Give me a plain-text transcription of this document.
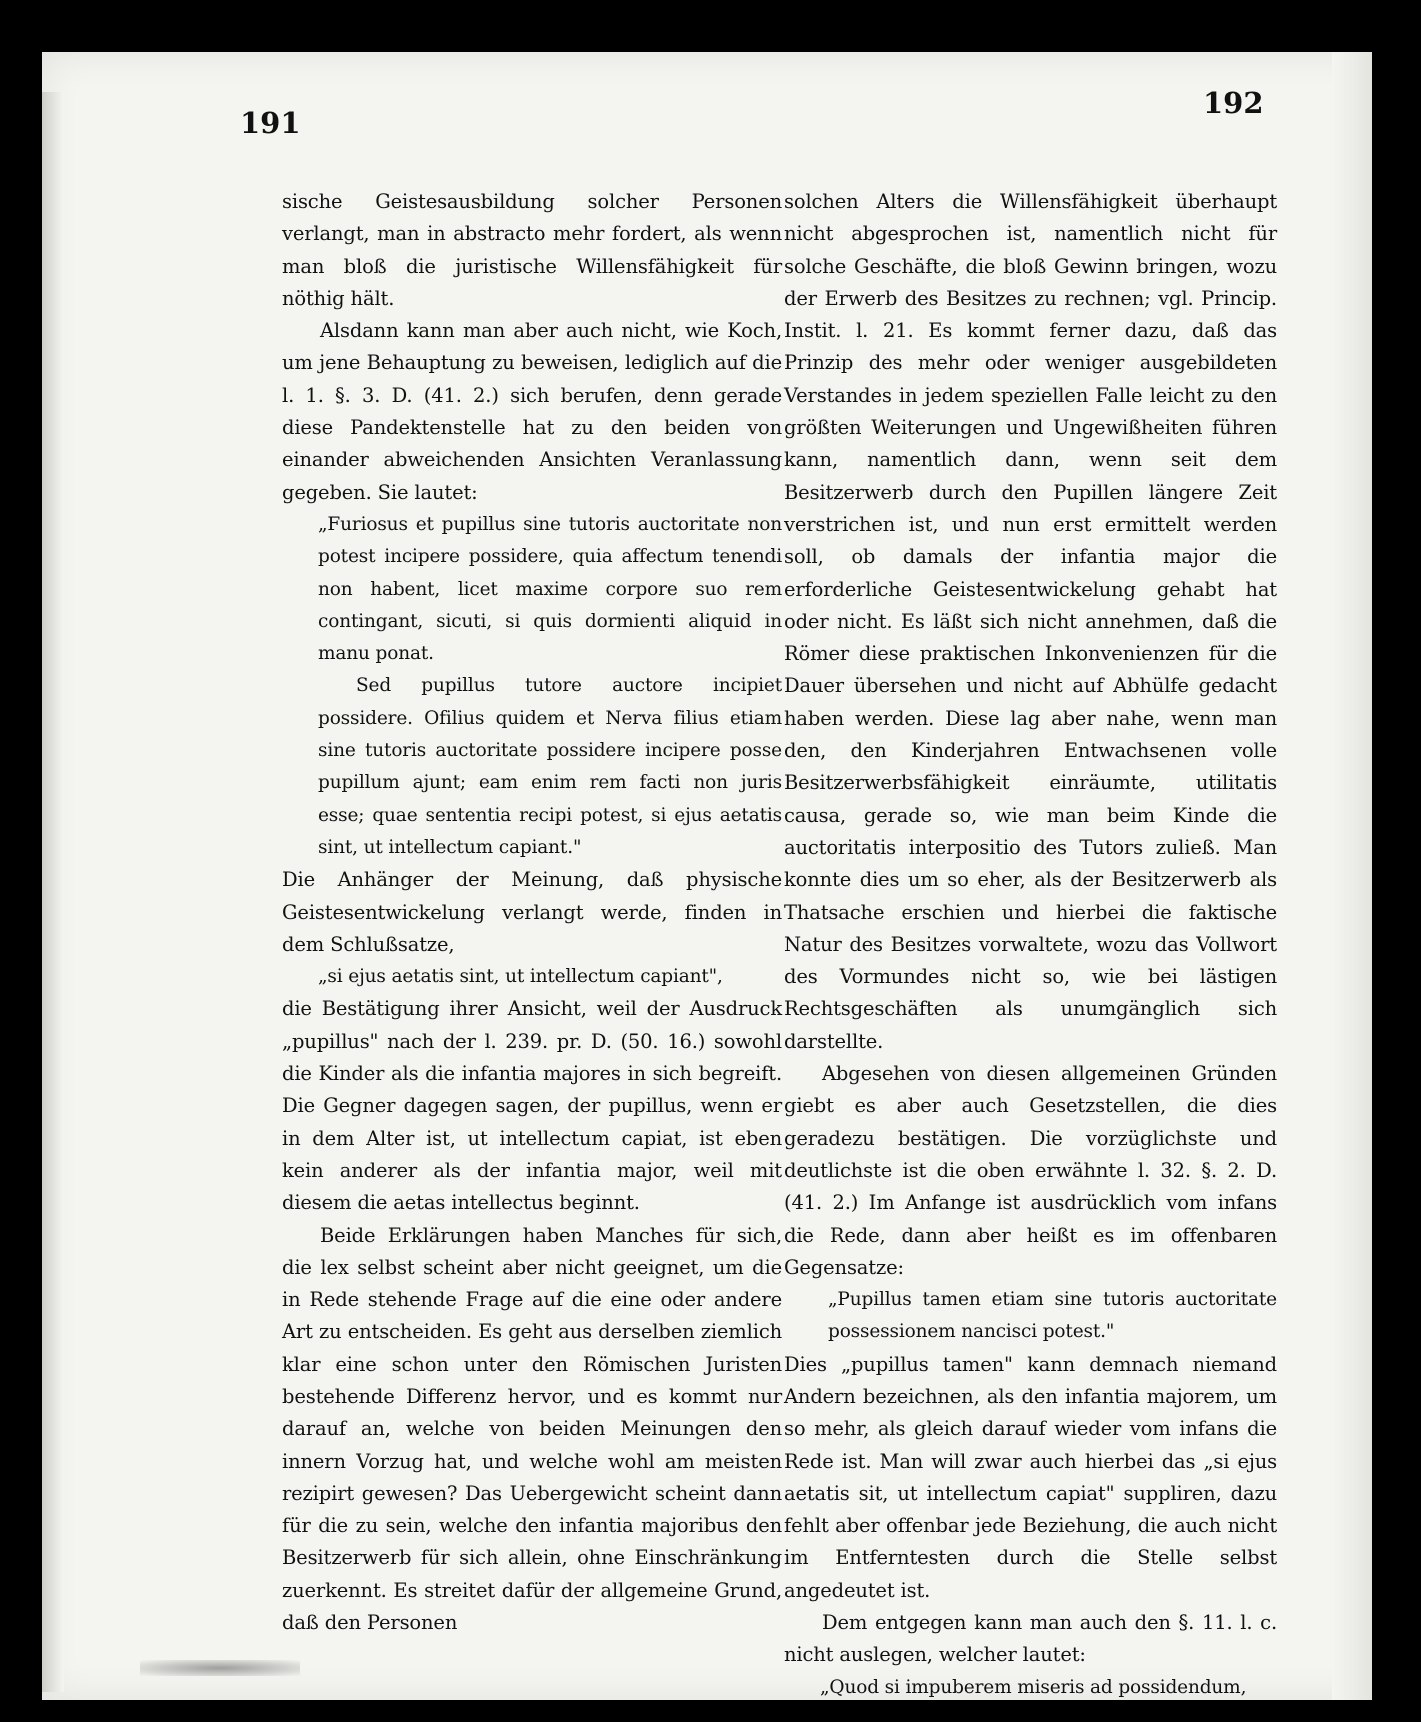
191
192

sische Geistesausbildung solcher Personen verlangt, man in abstracto mehr fordert, als wenn man bloß die juristische Willensfähigkeit für nöthig hält.

Alsdann kann man aber auch nicht, wie Koch, um jene Behauptung zu beweisen, lediglich auf die l. 1. §. 3. D. (41. 2.) sich berufen, denn gerade diese Pandektenstelle hat zu den beiden von einander abweichenden Ansichten Veranlassung gegeben. Sie lautet:

„Furiosus et pupillus sine tutoris auctoritate non potest incipere possidere, quia affectum tenendi non habent, licet maxime corpore suo rem contingant, sicuti, si quis dormienti aliquid in manu ponat.

Sed pupillus tutore auctore incipiet possidere. Ofilius quidem et Nerva filius etiam sine tutoris auctoritate possidere incipere posse pupillum ajunt; eam enim rem facti non juris esse; quae sententia recipi potest, si ejus aetatis sint, ut intellectum capiant."

Die Anhänger der Meinung, daß physische Geistesentwickelung verlangt werde, finden in dem Schlußsatze,

„si ejus aetatis sint, ut intellectum capiant",

die Bestätigung ihrer Ansicht, weil der Ausdruck „pupillus" nach der l. 239. pr. D. (50. 16.) sowohl die Kinder als die infantia majores in sich begreift. Die Gegner dagegen sagen, der pupillus, wenn er in dem Alter ist, ut intellectum capiat, ist eben kein anderer als der infantia major, weil mit diesem die aetas intellectus beginnt.

Beide Erklärungen haben Manches für sich, die lex selbst scheint aber nicht geeignet, um die in Rede stehende Frage auf die eine oder andere Art zu entscheiden. Es geht aus derselben ziemlich klar eine schon unter den Römischen Juristen bestehende Differenz hervor, und es kommt nur darauf an, welche von beiden Meinungen den innern Vorzug hat, und welche wohl am meisten rezipirt gewesen? Das Uebergewicht scheint dann für die zu sein, welche den infantia majoribus den Besitzerwerb für sich allein, ohne Einschränkung zuerkennt. Es streitet dafür der allgemeine Grund, daß den Personen

solchen Alters die Willensfähigkeit überhaupt nicht abgesprochen ist, namentlich nicht für solche Geschäfte, die bloß Gewinn bringen, wozu der Erwerb des Besitzes zu rechnen; vgl. Princip. Instit. l. 21. Es kommt ferner dazu, daß das Prinzip des mehr oder weniger ausgebildeten Verstandes in jedem speziellen Falle leicht zu den größten Weiterungen und Ungewißheiten führen kann, namentlich dann, wenn seit dem Besitzerwerb durch den Pupillen längere Zeit verstrichen ist, und nun erst ermittelt werden soll, ob damals der infantia major die erforderliche Geistesentwickelung gehabt hat oder nicht. Es läßt sich nicht annehmen, daß die Römer diese praktischen Inkonvenienzen für die Dauer übersehen und nicht auf Abhülfe gedacht haben werden. Diese lag aber nahe, wenn man den, den Kinderjahren Entwachsenen volle Besitzerwerbsfähigkeit einräumte, utilitatis causa, gerade so, wie man beim Kinde die auctoritatis interpositio des Tutors zuließ. Man konnte dies um so eher, als der Besitzerwerb als Thatsache erschien und hierbei die faktische Natur des Besitzes vorwaltete, wozu das Vollwort des Vormundes nicht so, wie bei lästigen Rechtsgeschäften als unumgänglich sich darstellte.

Abgesehen von diesen allgemeinen Gründen giebt es aber auch Gesetzstellen, die dies geradezu bestätigen. Die vorzüglichste und deutlichste ist die oben erwähnte l. 32. §. 2. D. (41. 2.) Im Anfange ist ausdrücklich vom infans die Rede, dann aber heißt es im offenbaren Gegensatze:

„Pupillus tamen etiam sine tutoris auctoritate possessionem nancisci potest."

Dies „pupillus tamen" kann demnach niemand Andern bezeichnen, als den infantia majorem, um so mehr, als gleich darauf wieder vom infans die Rede ist. Man will zwar auch hierbei das „si ejus aetatis sit, ut intellectum capiat" suppliren, dazu fehlt aber offenbar jede Beziehung, die auch nicht im Entferntesten durch die Stelle selbst angedeutet ist.

Dem entgegen kann man auch den §. 11. l. c. nicht auslegen, welcher lautet:

„Quod si impuberem miseris ad possidendum,
